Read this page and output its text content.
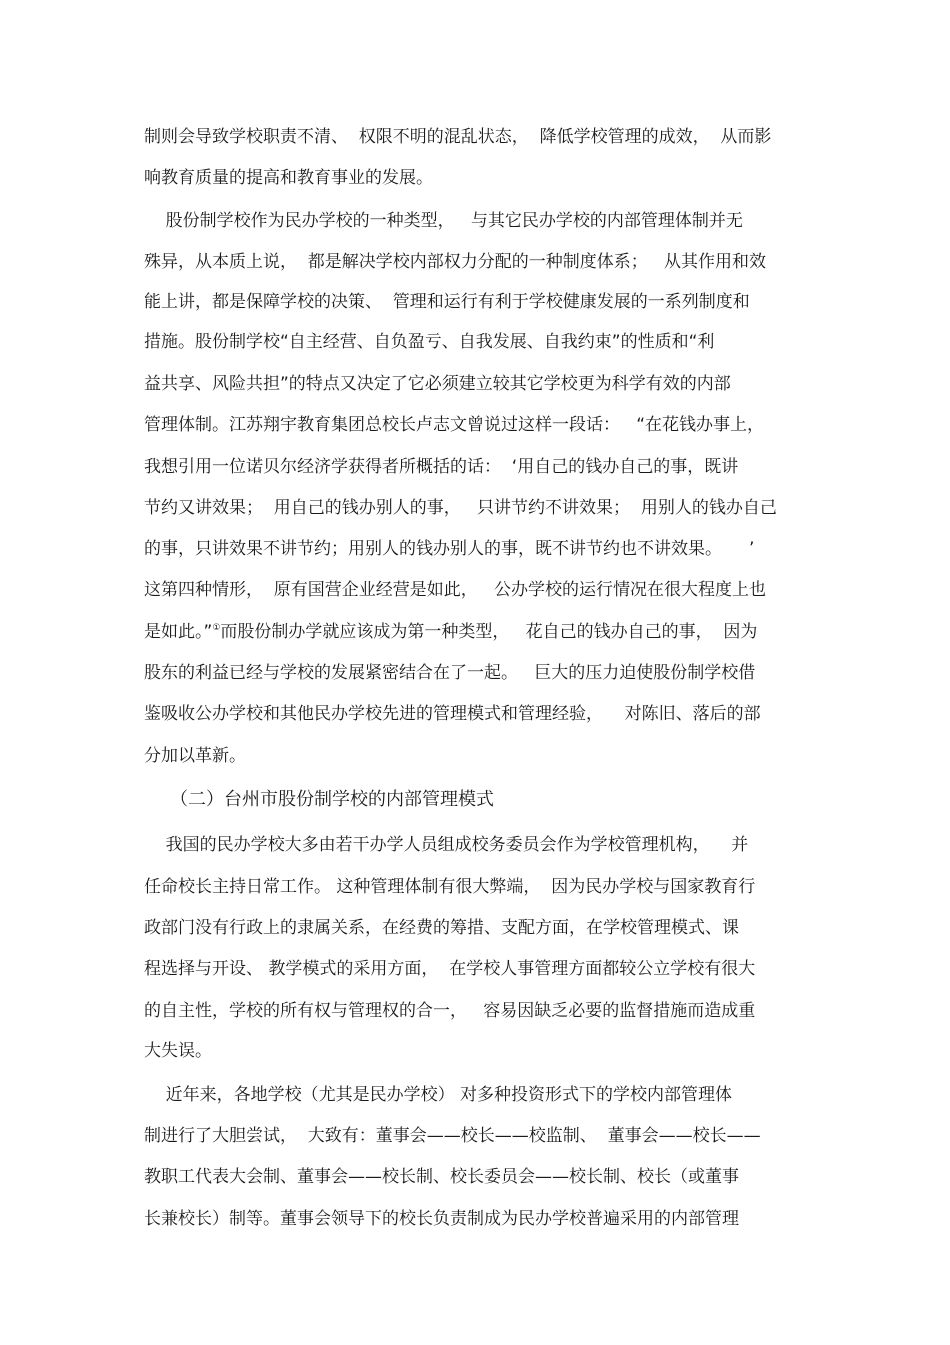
制则会导致学校职责不清、  权限不明的混乱状态，  降低学校管理的成效，  从而影
响教育质量的提高和教育事业的发展。
股份制学校作为民办学校的一种类型，   与其它民办学校的内部管理体制并无
殊异，从本质上说，  都是解决学校内部权力分配的一种制度体系；   从其作用和效
能上讲，都是保障学校的决策、  管理和运行有利于学校健康发展的一系列制度和
措施。股份制学校“自主经营、自负盈亏、自我发展、自我约束”的性质和“利
益共享、风险共担”的特点又决定了它必须建立较其它学校更为科学有效的内部
管理体制。江苏翔宇教育集团总校长卢志文曾说过这样一段话：   “在花钱办事上，
我想引用一位诺贝尔经济学获得者所概括的话：  ‘用自己的钱办自己的事，既讲
节约又讲效果；  用自己的钱办别人的事，   只讲节约不讲效果；  用别人的钱办自己
的事，只讲效果不讲节约；用别人的钱办别人的事，既不讲节约也不讲效果。     ’
这第四种情形，  原有国营企业经营是如此，   公办学校的运行情况在很大程度上也
是如此。”①而股份制办学就应该成为第一种类型，   花自己的钱办自己的事，  因为
股东的利益已经与学校的发展紧密结合在了一起。   巨大的压力迫使股份制学校借
鉴吸收公办学校和其他民办学校先进的管理模式和管理经验，    对陈旧、落后的部
分加以革新。
（二）台州市股份制学校的内部管理模式
我国的民办学校大多由若干办学人员组成校务委员会作为学校管理机构，    并
任命校长主持日常工作。 这种管理体制有很大弊端，  因为民办学校与国家教育行
政部门没有行政上的隶属关系，在经费的筹措、支配方面，在学校管理模式、课
程选择与开设、 教学模式的采用方面，  在学校人事管理方面都较公立学校有很大
的自主性，学校的所有权与管理权的合一，   容易因缺乏必要的监督措施而造成重
大失误。
近年来，各地学校（尤其是民办学校） 对多种投资形式下的学校内部管理体
制进行了大胆尝试，  大致有：董事会——校长——校监制、  董事会——校长——
教职工代表大会制、董事会——校长制、校长委员会——校长制、校长（或董事
长兼校长）制等。董事会领导下的校长负责制成为民办学校普遍采用的内部管理
